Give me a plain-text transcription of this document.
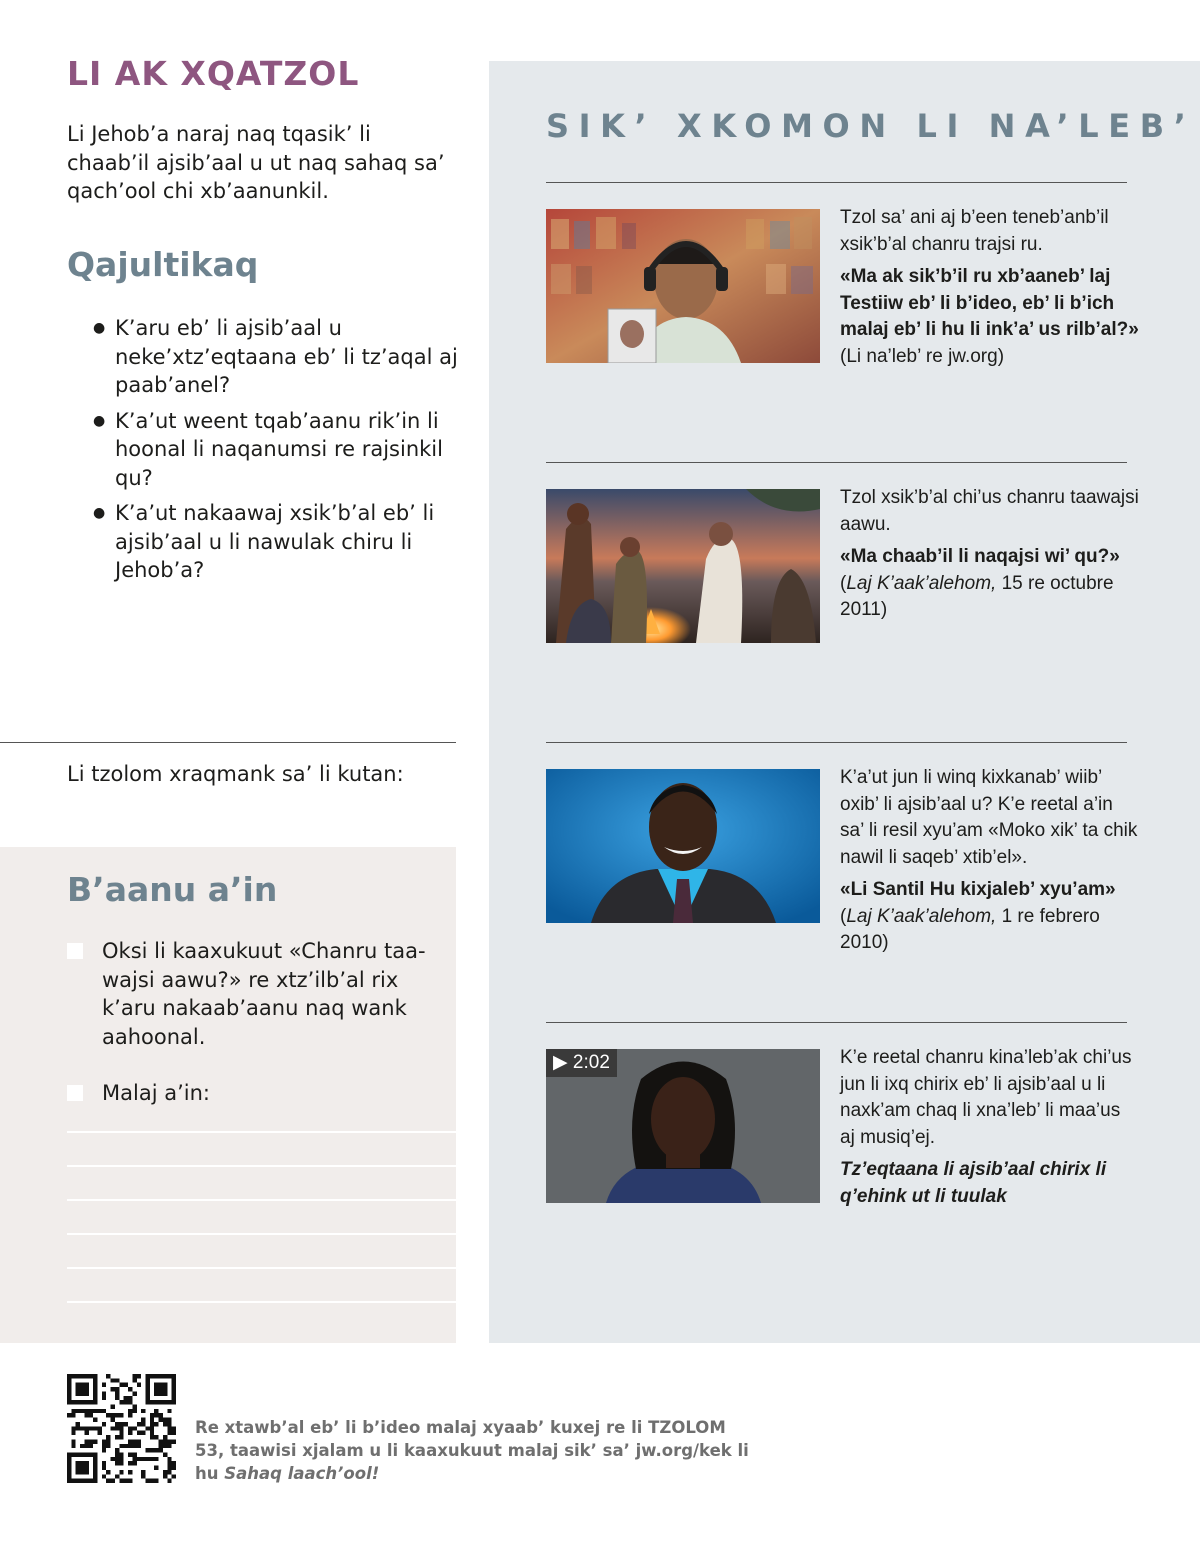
LI AK XQATZOL
Li Jehob’a naraj naq tqasik’ li chaab’il ajsib’aal u ut naq sahaq sa’ qach’ool chi xb’aanunkil.
Qajultikaq
● K’aru eb’ li ajsib’aal u neke’xtz’eqtaana eb’ li tz’aqal aj paab’anel?
● K’a’ut weent tqab’aanu rik’in li hoonal li naqanumsi re rajsinkil qu?
● K’a’ut nakaawaj xsik’b’al eb’ li ajsib’aal u li nawulak chiru li Jehob’a?
Li tzolom xraqmank sa’ li kutan:
B’aanu a’in
Oksi li kaaxukuut «Chanru taawajsi aawu?» re xtz’ilb’al rix k’aru nakaab’aanu naq wank aahoonal.
Malaj a’in:
SIK’ XKOMON LI NA’LEB’

Tzol sa’ ani aj b’een teneb’anb’il xsik’b’al chanru trajsi ru.

«Ma ak sik’b’il ru xb’aaneb’ laj Testiiw eb’ li b’ideo, eb’ li b’ich malaj eb’ li hu li ink’a’ us rilb’al?» (Li na’leb’ re jw.org)

Tzol xsik’b’al chi’us chanru taawajsi aawu.

«Ma chaab’il li naqajsi wi’ qu?»
(Laj K’aak’alehom, 15 re octubre 2011)

K’a’ut jun li winq kixkanab’ wiib’ oxib’ li ajsib’aal u? K’e reetal a’in sa’ li resil xyu’am «Moko xik’ ta chik nawil li saqeb’ xtib’el».

«Li Santil Hu kixjaleb’ xyu’am»
(Laj K’aak’alehom, 1 re febrero 2010)

▶ 2:02	K’e reetal chanru kina’leb’ak chi’us jun li ixq chirix eb’ li ajsib’aal u li naxk’am chaq li xna’leb’ li maa’us aj musiq’ej.

Tz’eqtaana li ajsib’aal chirix li q’ehink ut li tuulak

Re xtawb’al eb’ li b’ideo malaj xyaab’ kuxej re li TZOLOM 53, taawisi xjalam u li kaaxukuut malaj sik’ sa’ jw.org/kek li hu Sahaq laach’ool!
